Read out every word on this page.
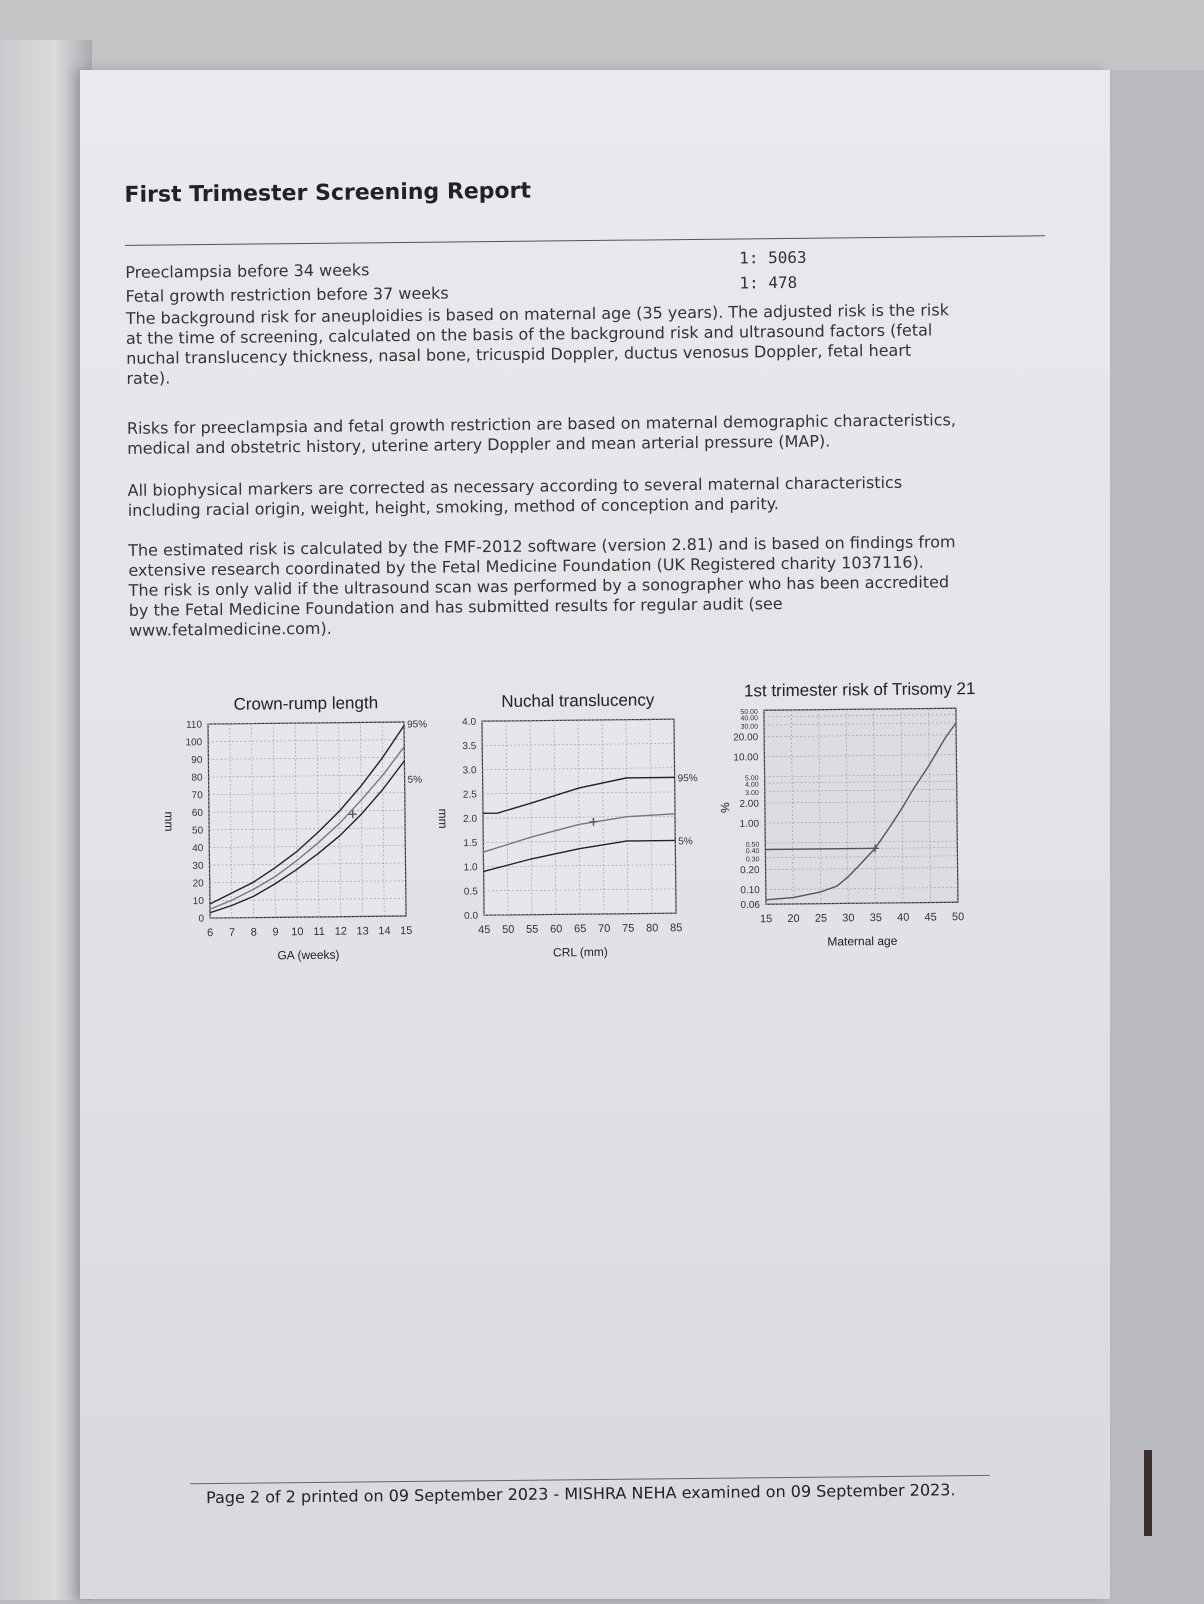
First Trimester Screening Report
Preeclampsia before 34 weeks
1: 5063
Fetal growth restriction before 37 weeks
1: 478
The background risk for aneuploidies is based on maternal age (35 years). The adjusted risk is the risk at the time of screening, calculated on the basis of the background risk and ultrasound factors (fetal nuchal translucency thickness, nasal bone, tricuspid Doppler, ductus venosus Doppler, fetal heart rate).
Risks for preeclampsia and fetal growth restriction are based on maternal demographic characteristics, medical and obstetric history, uterine artery Doppler and mean arterial pressure (MAP).
All biophysical markers are corrected as necessary according to several maternal characteristics including racial origin, weight, height, smoking, method of conception and parity.
The estimated risk is calculated by the FMF-2012 software (version 2.81) and is based on findings from extensive research coordinated by the Fetal Medicine Foundation (UK Registered charity 1037116). The risk is only valid if the ultrasound scan was performed by a sonographer who has been accredited by the Fetal Medicine Foundation and has submitted results for regular audit (see www.fetalmedicine.com).
Crown-rump length
6 7 8 9 10 11 12 13 14 15
0
10
20
30
40
50
60
70
80
90
100
110
GA (weeks)
mm
95%
5%
Nuchal translucency
45 50 55 60 65 70 75 80 85
0.0
0.5
1.0
1.5
2.0
2.5
3.0
3.5
4.0
CRL (mm)
mm
95%
5%
1st trimester risk of Trisomy 21
15 20 25 30 35 40 45 50
0.06
0.10
0.20
0.30
0.40
0.50
1.00
2.00
3.00
4.00
5.00
10.00
20.00
30.00
40.00
50.00
Maternal age
%
Page 2 of 2 printed on 09 September 2023 - MISHRA NEHA examined on 09 September 2023.
